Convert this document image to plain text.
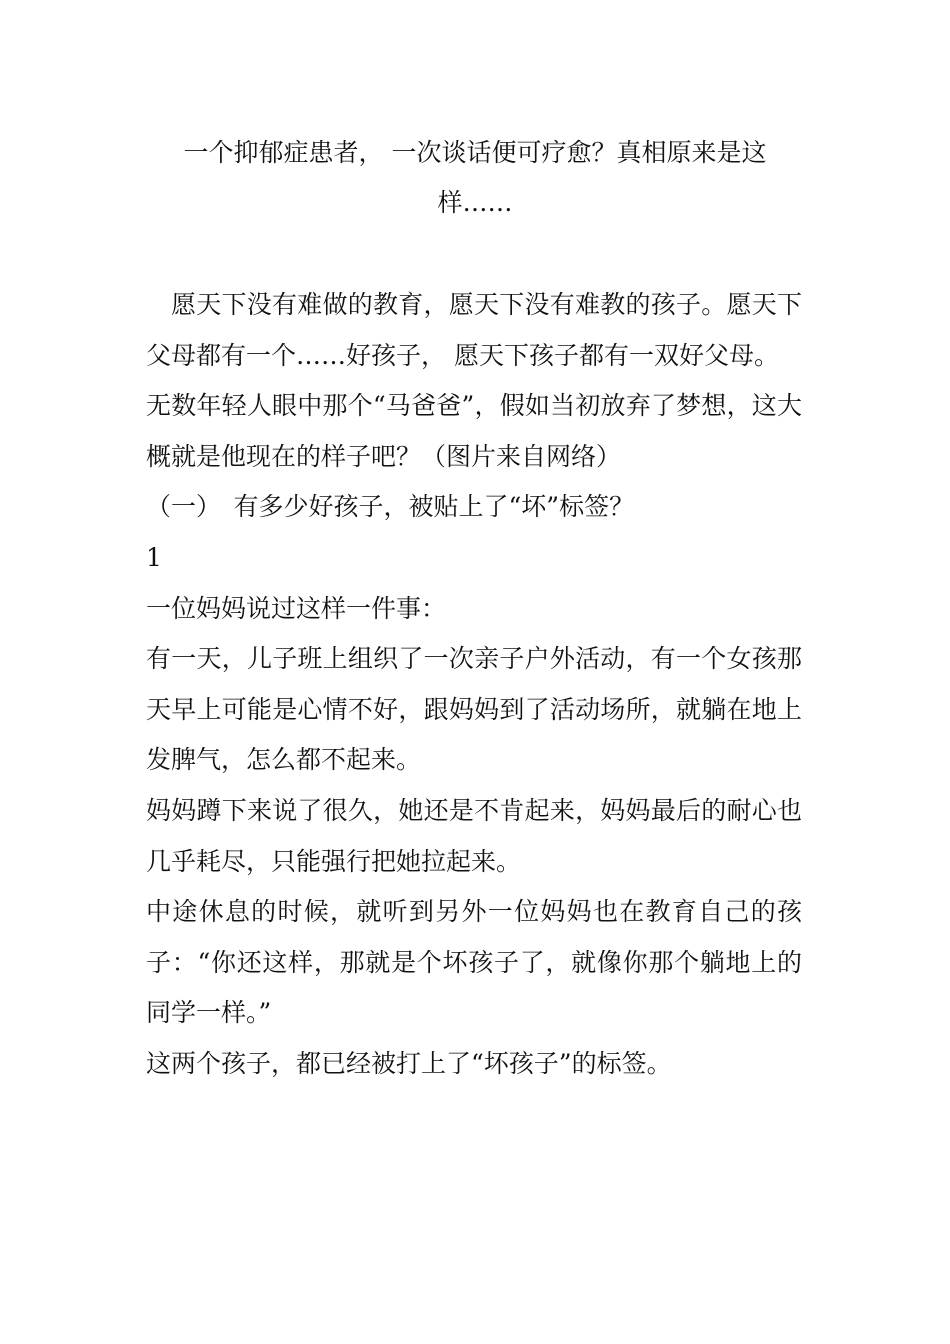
一个抑郁症患者， 一次谈话便可疗愈？真相原来是这样……

愿天下没有难做的教育，愿天下没有难教的孩子。愿天下父母都有一个……好孩子， 愿天下孩子都有一双好父母。

无数年轻人眼中那个“马爸爸”，假如当初放弃了梦想，这大概就是他现在的样子吧？（图片来自网络）

（一）　有多少好孩子，被贴上了“坏”标签？

1

一位妈妈说过这样一件事：

有一天，儿子班上组织了一次亲子户外活动，有一个女孩那天早上可能是心情不好，跟妈妈到了活动场所，就躺在地上发脾气，怎么都不起来。

妈妈蹲下来说了很久，她还是不肯起来，妈妈最后的耐心也几乎耗尽，只能强行把她拉起来。

中途休息的时候，就听到另外一位妈妈也在教育自己的孩子：“你还这样，那就是个坏孩子了，就像你那个躺地上的同学一样。”

这两个孩子，都已经被打上了“坏孩子”的标签。
